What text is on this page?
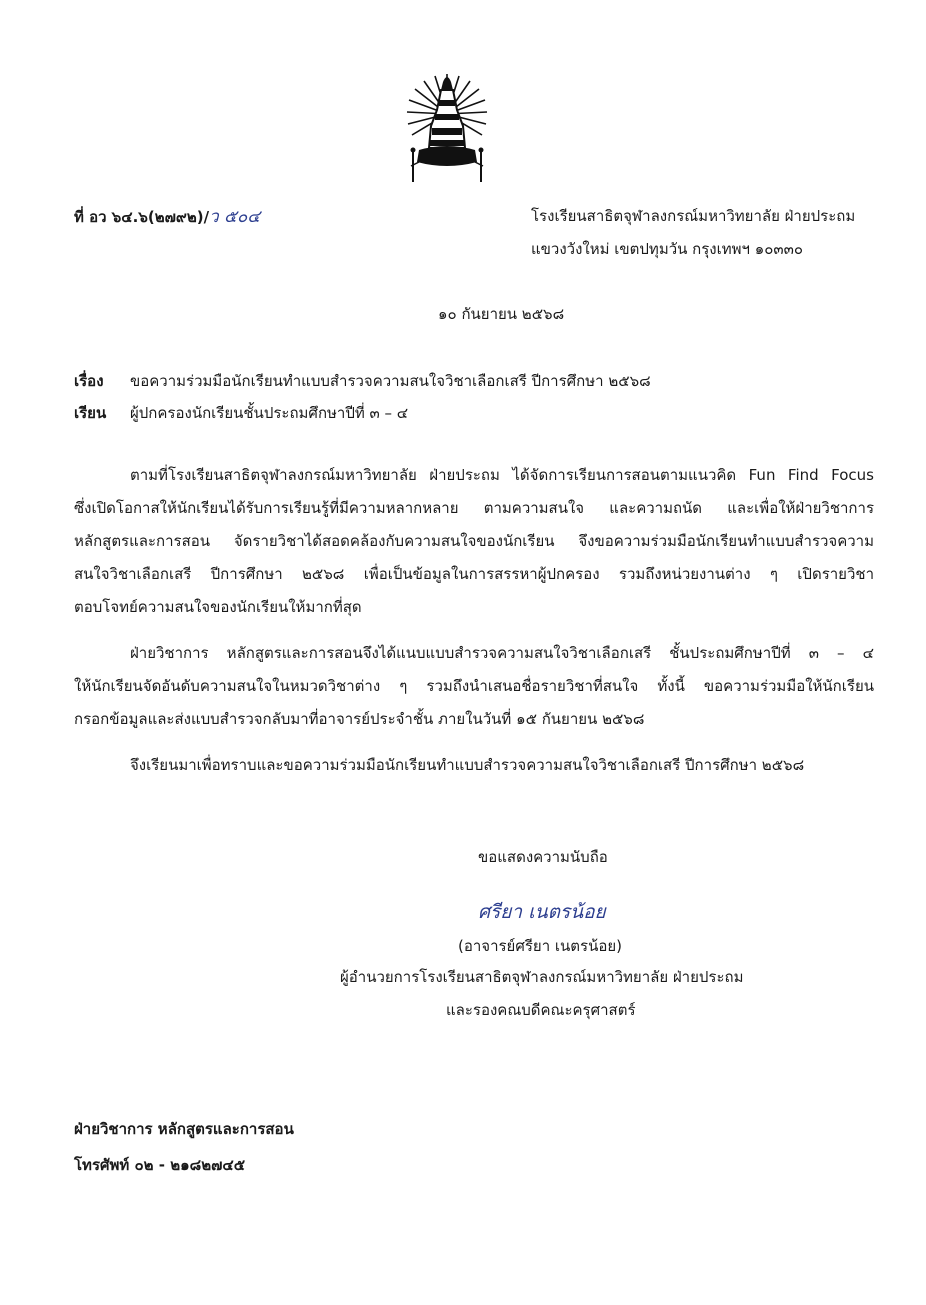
ที่ อว ๖๔.๖(๒๗๙๒)/ว ๕๐๔	โรงเรียนสาธิตจุฬาลงกรณ์มหาวิทยาลัย ฝ่ายประถม
แขวงวังใหม่ เขตปทุมวัน กรุงเทพฯ ๑๐๓๓๐
๑๐ กันยายน ๒๕๖๘
เรื่อง ขอความร่วมมือนักเรียนทำแบบสำรวจความสนใจวิชาเลือกเสรี ปีการศึกษา ๒๕๖๘
เรียน ผู้ปกครองนักเรียนชั้นประถมศึกษาปีที่ ๓ – ๔
ตามที่โรงเรียนสาธิตจุฬาลงกรณ์มหาวิทยาลัย ฝ่ายประถม ได้จัดการเรียนการสอนตามแนวคิด Fun Find Focus
ซึ่งเปิดโอกาสให้นักเรียนได้รับการเรียนรู้ที่มีความหลากหลาย ตามความสนใจ และความถนัด และเพื่อให้ฝ่ายวิชาการ
หลักสูตรและการสอน จัดรายวิชาได้สอดคล้องกับความสนใจของนักเรียน จึงขอความร่วมมือนักเรียนทำแบบสำรวจความ
สนใจวิชาเลือกเสรี ปีการศึกษา ๒๕๖๘ เพื่อเป็นข้อมูลในการสรรหาผู้ปกครอง รวมถึงหน่วยงานต่าง ๆ เปิดรายวิชา
ตอบโจทย์ความสนใจของนักเรียนให้มากที่สุด
ฝ่ายวิชาการ หลักสูตรและการสอนจึงได้แนบแบบสำรวจความสนใจวิชาเลือกเสรี ชั้นประถมศึกษาปีที่ ๓ – ๔
ให้นักเรียนจัดอันดับความสนใจในหมวดวิชาต่าง ๆ รวมถึงนำเสนอชื่อรายวิชาที่สนใจ ทั้งนี้ ขอความร่วมมือให้นักเรียน
กรอกข้อมูลและส่งแบบสำรวจกลับมาที่อาจารย์ประจำชั้น ภายในวันที่ ๑๕ กันยายน ๒๕๖๘
จึงเรียนมาเพื่อทราบและขอความร่วมมือนักเรียนทำแบบสำรวจความสนใจวิชาเลือกเสรี ปีการศึกษา ๒๕๖๘
ขอแสดงความนับถือ
ศรียา เนตรน้อย
(อาจารย์ศรียา เนตรน้อย)
ผู้อำนวยการโรงเรียนสาธิตจุฬาลงกรณ์มหาวิทยาลัย ฝ่ายประถม
และรองคณบดีคณะครุศาสตร์
ฝ่ายวิชาการ หลักสูตรและการสอน
โทรศัพท์ ๐๒ - ๒๑๘๒๗๔๕
